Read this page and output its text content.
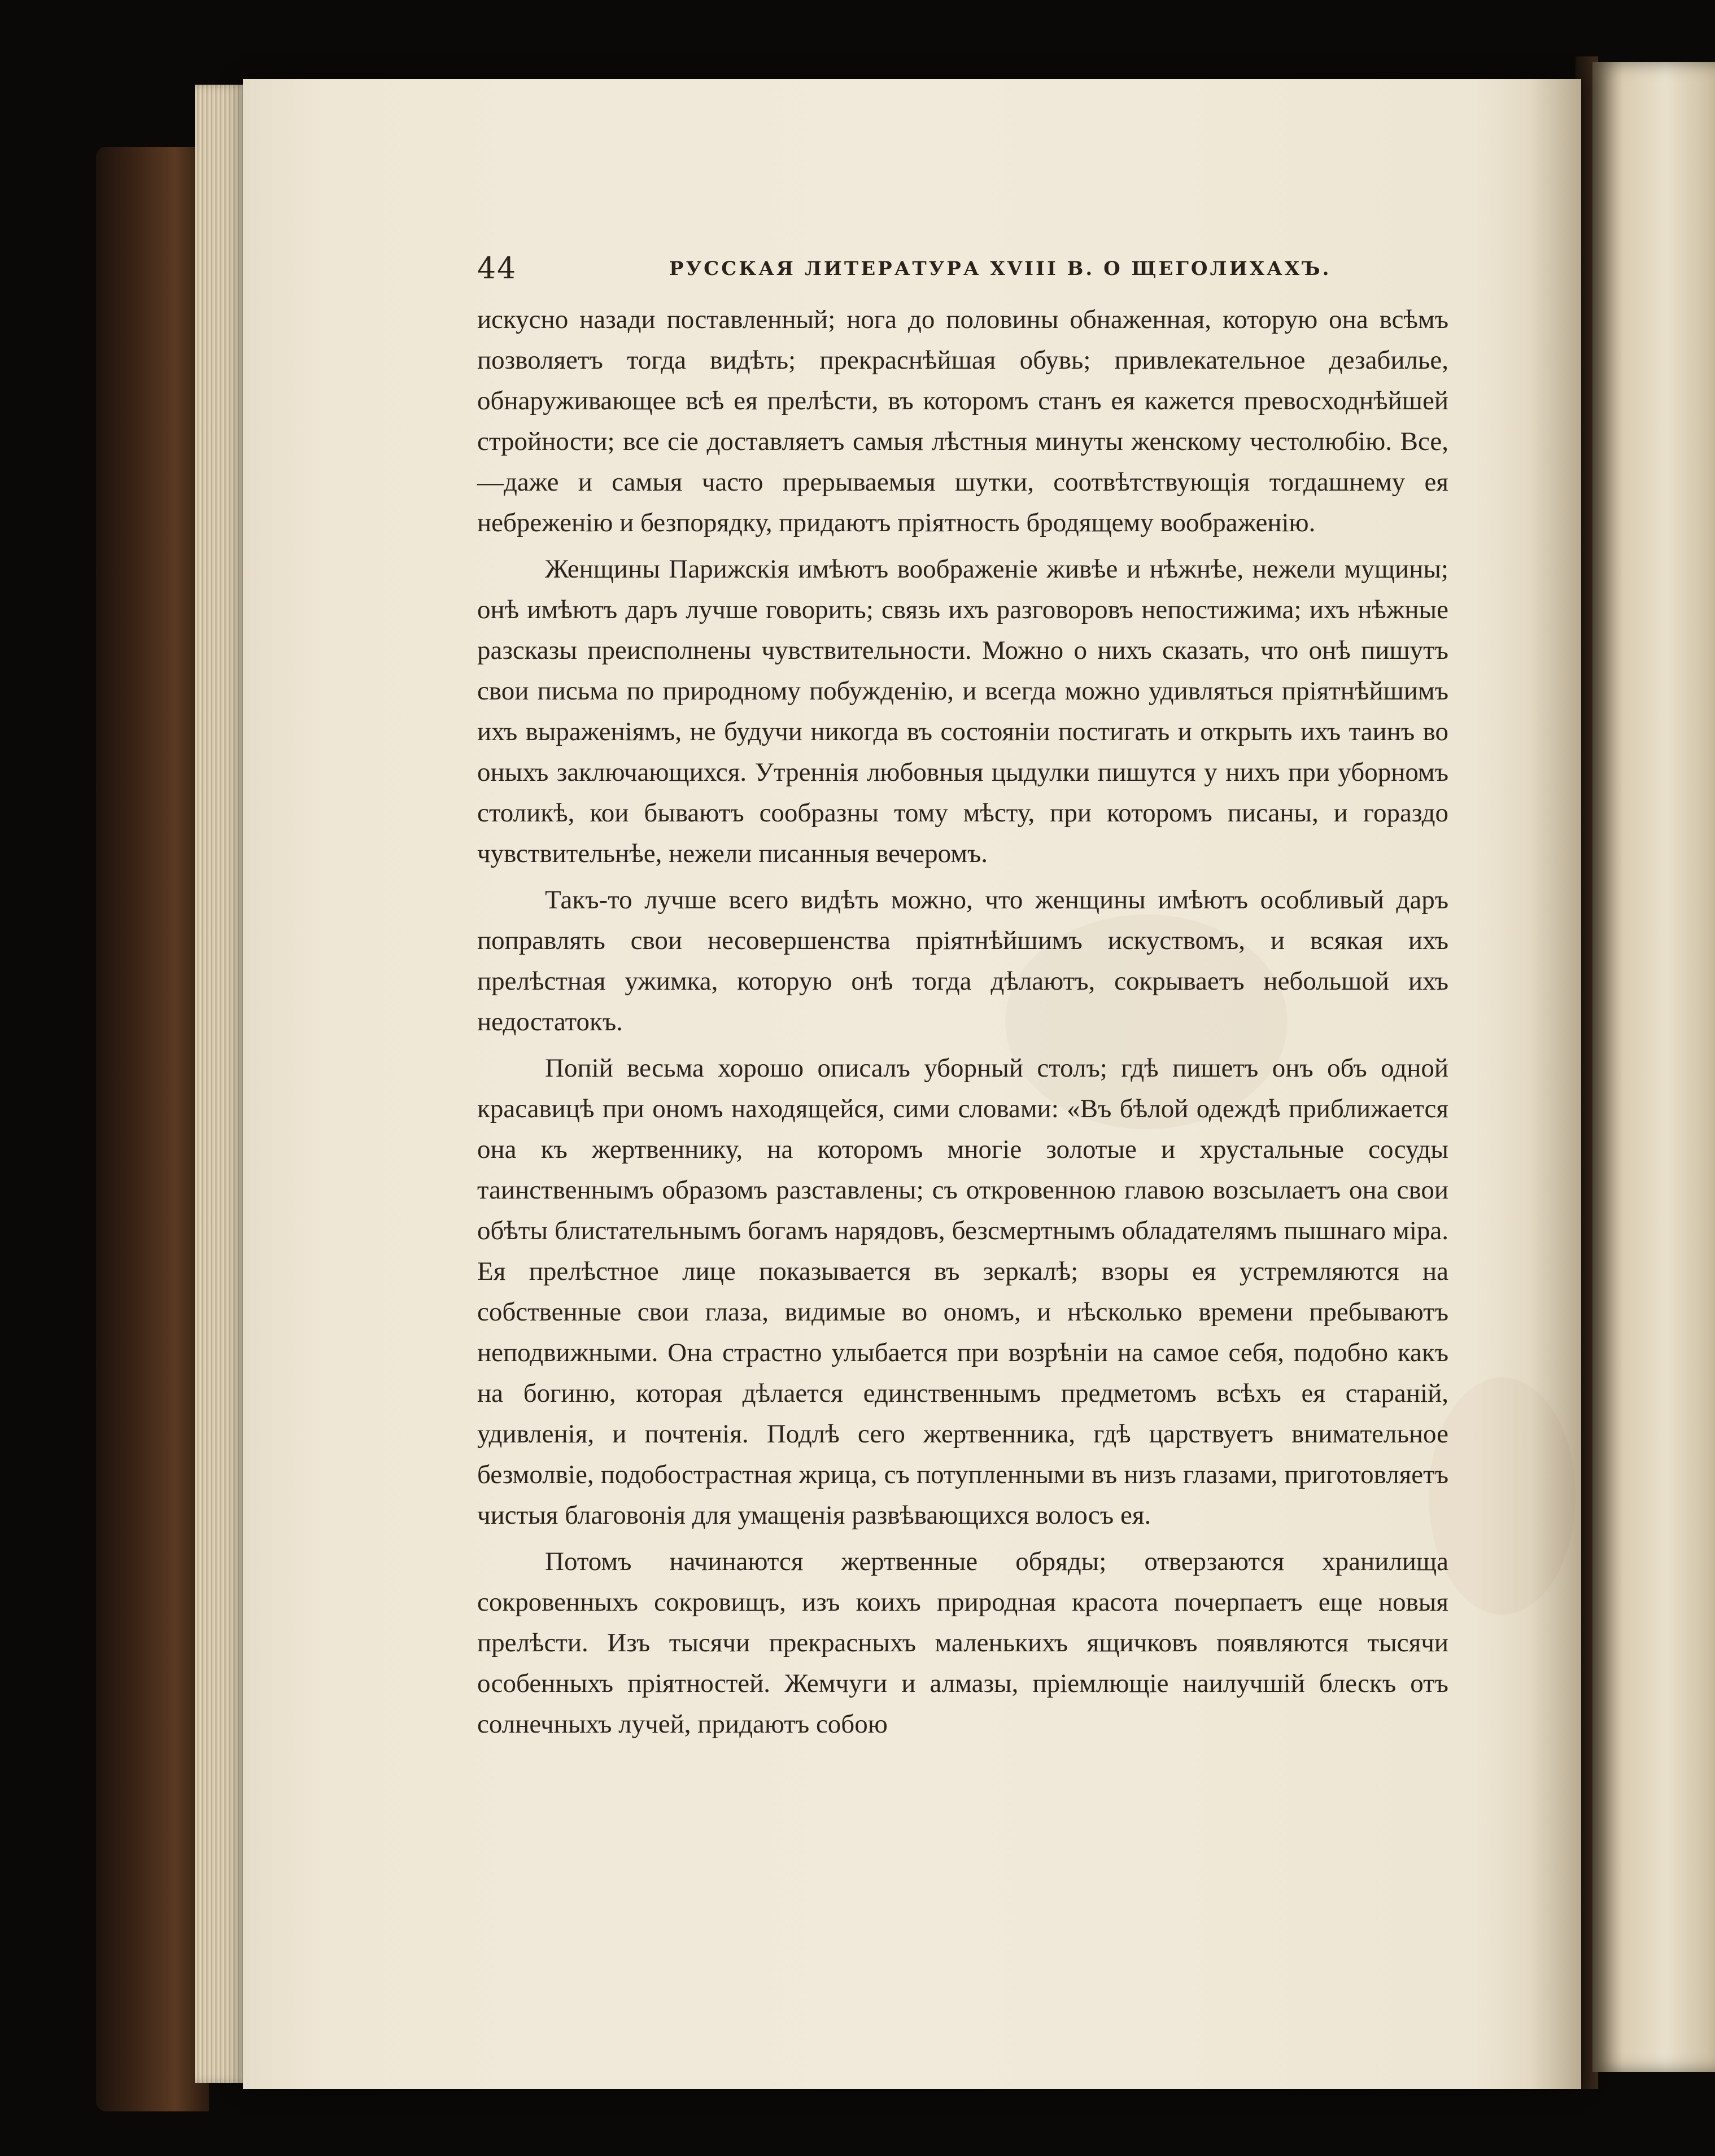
44	РУССКАЯ ЛИТЕРАТУРА XVIII В. О ЩЕГОЛИХАХЪ.

искусно назади поставленный; нога до половины обнаженная, которую она всѣмъ позволяетъ тогда видѣть; прекраснѣйшая обувь; привлекательное дезабилье, обнаруживающее всѣ ея прелѣсти, въ которомъ станъ ея кажется превосходнѣйшей стройности; все сіе доставляетъ самыя лѣстныя минуты женскому честолюбію. Все,—даже и самыя часто прерываемыя шутки, соотвѣтствующія тогдашнему ея небреженію и безпорядку, придаютъ пріятность бродящему воображенію.

Женщины Парижскія имѣютъ воображеніе живѣе и нѣжнѣе, нежели мущины; онѣ имѣютъ даръ лучше говорить; связь ихъ разговоровъ непостижима; ихъ нѣжные разсказы преисполнены чувствительности. Можно о нихъ сказать, что онѣ пишутъ свои письма по природному побужденію, и всегда можно удивляться пріятнѣйшимъ ихъ выраженіямъ, не будучи никогда въ состояніи постигать и открыть ихъ таинъ во оныхъ заключающихся. Утреннія любовныя цыдулки пишутся у нихъ при уборномъ столикѣ, кои бываютъ сообразны тому мѣсту, при которомъ писаны, и гораздо чувствительнѣе, нежели писанныя вечеромъ.

Такъ-то лучше всего видѣть можно, что женщины имѣютъ особливый даръ поправлять свои несовершенства пріятнѣйшимъ искуствомъ, и всякая ихъ прелѣстная ужимка, которую онѣ тогда дѣлаютъ, сокрываетъ небольшой ихъ недостатокъ.

Попій весьма хорошо описалъ уборный столъ; гдѣ пишетъ онъ объ одной красавицѣ при ономъ находящейся, сими словами: «Въ бѣлой одеждѣ приближается она къ жертвеннику, на которомъ многіе золотые и хрустальные сосуды таинственнымъ образомъ разставлены; съ откровенною главою возсылаетъ она свои обѣты блистательнымъ богамъ нарядовъ, безсмертнымъ обладателямъ пышнаго міра. Ея прелѣстное лице показывается въ зеркалѣ; взоры ея устремляются на собственные свои глаза, видимые во ономъ, и нѣсколько времени пребываютъ неподвижными. Она страстно улыбается при возрѣніи на самое себя, подобно какъ на богиню, которая дѣлается единственнымъ предметомъ всѣхъ ея стараній, удивленія, и почтенія. Подлѣ сего жертвенника, гдѣ царствуетъ внимательное безмолвіе, подобострастная жрица, съ потупленными въ низъ глазами, приготовляетъ чистыя благовонія для умащенія развѣвающихся волосъ ея.

Потомъ начинаются жертвенные обряды; отверзаются хранилища сокровенныхъ сокровищъ, изъ коихъ природная красота почерпаетъ еще новыя прелѣсти. Изъ тысячи прекрасныхъ маленькихъ ящичковъ появляются тысячи особенныхъ пріятностей. Жемчуги и алмазы, пріемлющіе наилучшій блескъ отъ солнечныхъ лучей, придаютъ собою
